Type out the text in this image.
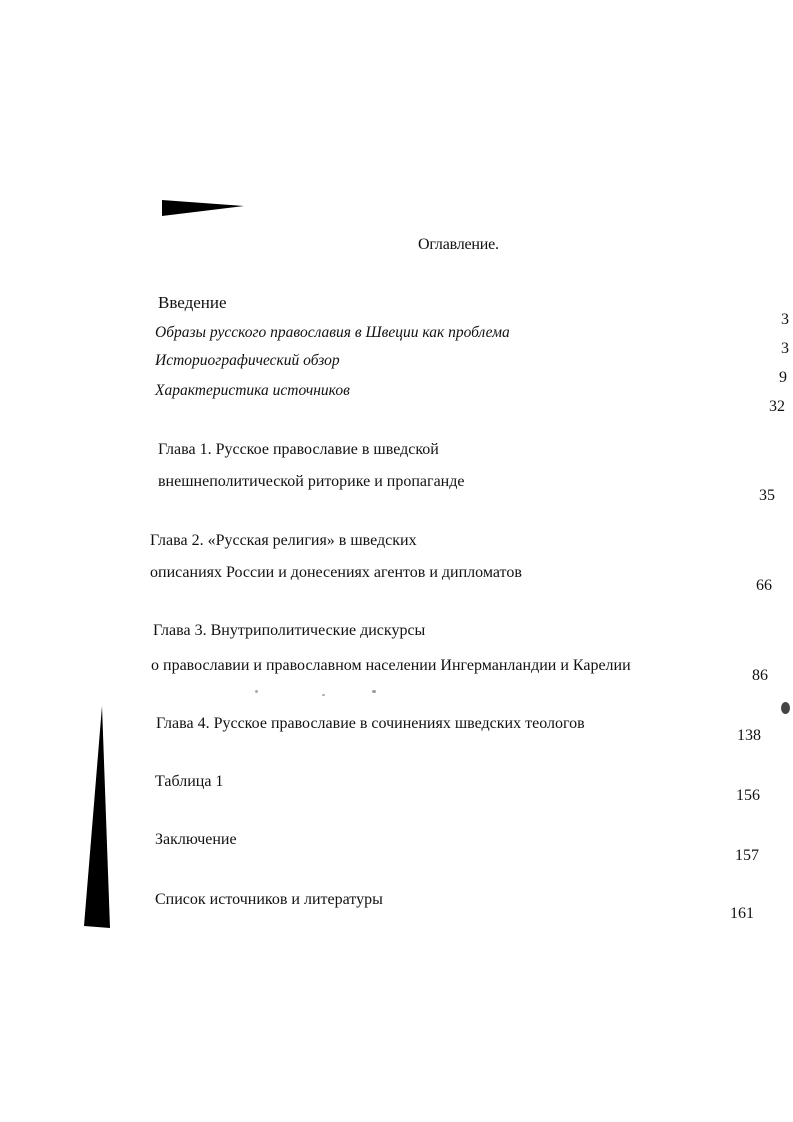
Оглавление.
Введение
Образы русского православия в Швеции как проблема
Историографический обзор
Характеристика источников
3
3
9
32
Глава 1. Русское православие в шведской
внешнеполитической риторике и пропаганде
35
Глава 2. «Русская религия» в шведских
описаниях России и донесениях агентов и дипломатов
66
Глава 3. Внутриполитические дискурсы
о православии и православном населении Ингерманландии и Карелии
86
Глава 4. Русское православие в сочинениях шведских теологов
138
Таблица 1
156
Заключение
157
Список источников и литературы
161
